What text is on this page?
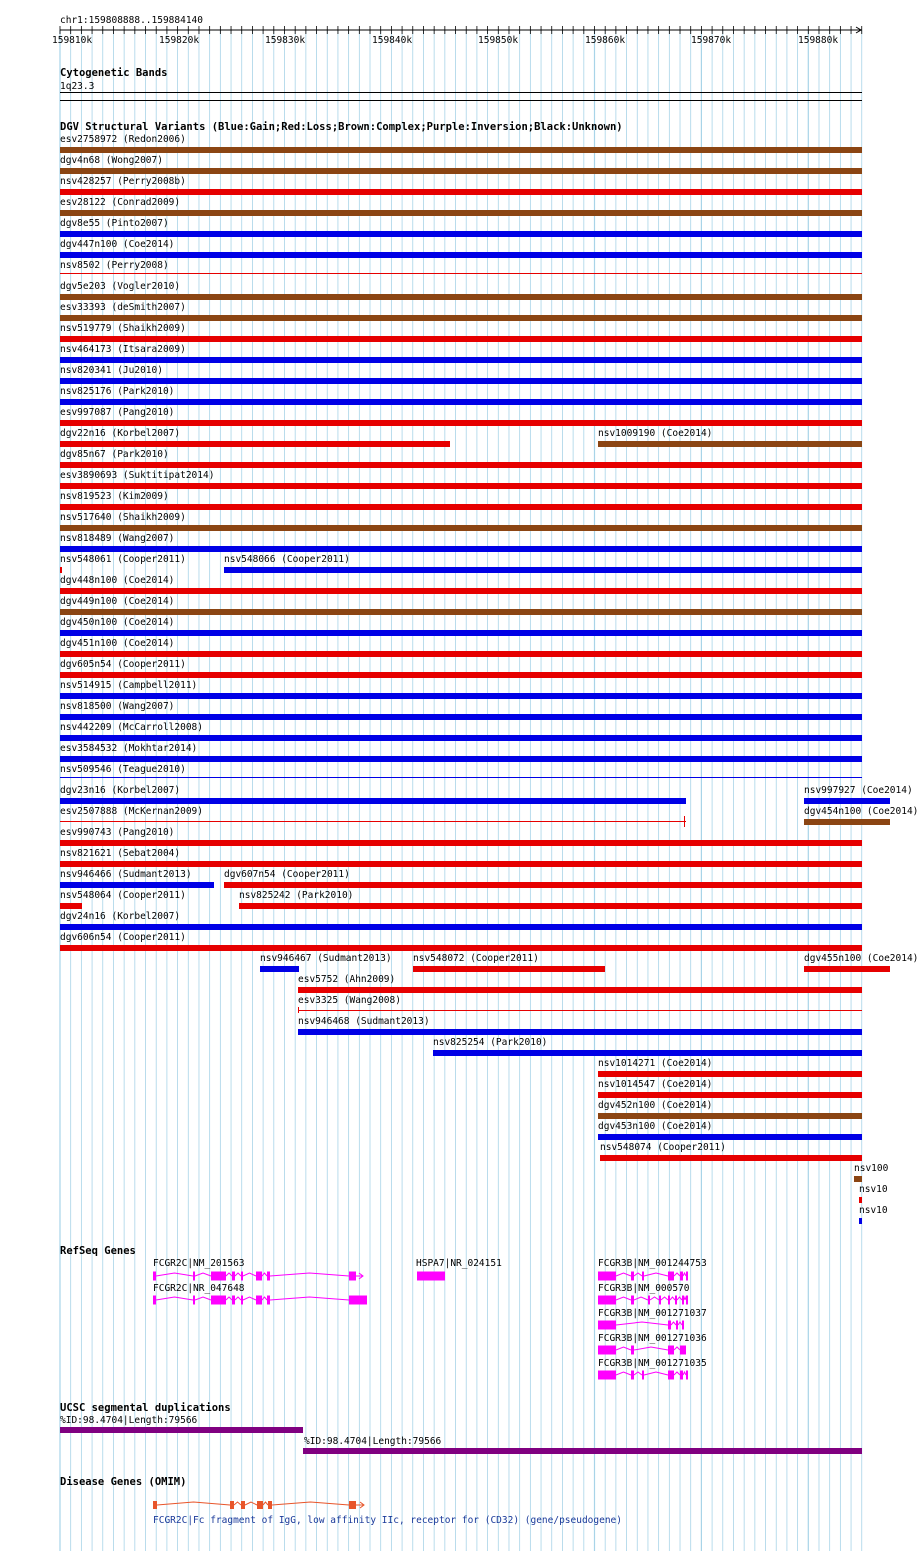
chr1:159808888..159884140
Cytogenetic Bands
1q23.3
DGV Structural Variants (Blue:Gain;Red:Loss;Brown:Complex;Purple:Inversion;Black:Unknown)
esv2758972 (Redon2006)
dgv4n68 (Wong2007)
nsv428257 (Perry2008b)
esv28122 (Conrad2009)
dgv8e55 (Pinto2007)
dgv447n100 (Coe2014)
nsv8502 (Perry2008)
dgv5e203 (Vogler2010)
esv33393 (deSmith2007)
nsv519779 (Shaikh2009)
nsv464173 (Itsara2009)
nsv820341 (Ju2010)
nsv825176 (Park2010)
esv997087 (Pang2010)
dgv22n16 (Korbel2007)	nsv1009190 (Coe2014)
dgv85n67 (Park2010)
esv3890693 (Suktitipat2014)
nsv819523 (Kim2009)
nsv517640 (Shaikh2009)
nsv818489 (Wang2007)
nsv548061 (Cooper2011)	nsv548066 (Cooper2011)
dgv448n100 (Coe2014)
dgv449n100 (Coe2014)
dgv450n100 (Coe2014)
dgv451n100 (Coe2014)
dgv605n54 (Cooper2011)
nsv514915 (Campbell2011)
nsv818500 (Wang2007)
nsv442209 (McCarroll2008)
esv3584532 (Mokhtar2014)
nsv509546 (Teague2010)
dgv23n16 (Korbel2007)	nsv997927 (Coe2014)
esv2507888 (McKernan2009)	dgv454n100 (Coe2014)
esv990743 (Pang2010)
nsv821621 (Sebat2004)
nsv946466 (Sudmant2013)	dgv607n54 (Cooper2011)
nsv548064 (Cooper2011)	nsv825242 (Park2010)
dgv24n16 (Korbel2007)
dgv606n54 (Cooper2011)
nsv946467 (Sudmant2013) nsv548072 (Cooper2011)	dgv455n100 (Coe2014)
esv5752 (Ahn2009)
esv3325 (Wang2008)
nsv946468 (Sudmant2013)
nsv825254 (Park2010)
nsv1014271 (Coe2014)
nsv1014547 (Coe2014)
dgv452n100 (Coe2014)
dgv453n100 (Coe2014)
nsv548074 (Cooper2011)
nsv100
nsv10
nsv10
RefSeq Genes
FCGR2C|NM_201563
FCGR2C|NR_047648
HSPA7|NR_024151	FCGR3B|NM_001244753
FCGR3B|NM_000570
FCGR3B|NM_001271037
FCGR3B|NM_001271036
FCGR3B|NM_001271035
UCSC segmental duplications
%ID:98.4704|Length:79566
%ID:98.4704|Length:79566
Disease Genes (OMIM)
FCGR2C|Fc fragment of IgG, low affinity IIc, receptor for (CD32) (gene/pseudogene)
159810k	159820k	159830k	159840k	159850k	159860k	159870k	159880k
